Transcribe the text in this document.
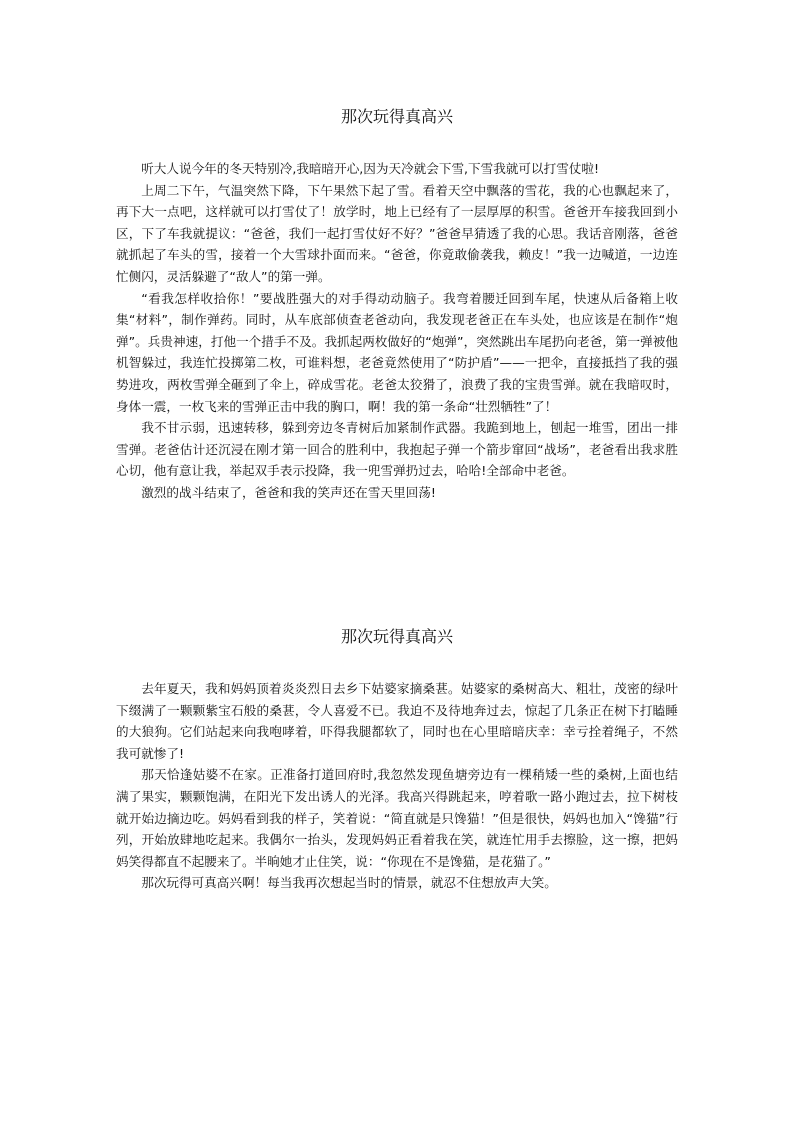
那次玩得真高兴

听大人说今年的冬天特别冷,我暗暗开心,因为天冷就会下雪,下雪我就可以打雪仗啦!

上周二下午，气温突然下降，下午果然下起了雪。看着天空中飘落的雪花，我的心也飘起来了，再下大一点吧，这样就可以打雪仗了！放学时，地上已经有了一层厚厚的积雪。爸爸开车接我回到小区，下了车我就提议：“爸爸，我们一起打雪仗好不好？”爸爸早猜透了我的心思。我话音刚落，爸爸就抓起了车头的雪，接着一个大雪球扑面而来。“爸爸，你竟敢偷袭我，赖皮！”我一边喊道，一边连忙侧闪，灵活躲避了“敌人”的第一弹。

“看我怎样收拾你！”要战胜强大的对手得动动脑子。我弯着腰迁回到车尾，快速从后备箱上收集“材料”，制作弹药。同时，从车底部侦查老爸动向，我发现老爸正在车头处，也应该是在制作“炮弹”。兵贵神速，打他一个措手不及。我抓起两枚做好的“炮弹”，突然跳出车尾扔向老爸，第一弹被他机智躲过，我连忙投掷第二枚，可谁料想，老爸竟然使用了“防护盾”——一把伞，直接抵挡了我的强势进攻，两枚雪弹全砸到了伞上，碎成雪花。老爸太狡猾了，浪费了我的宝贵雪弹。就在我暗叹时，身体一震，一枚飞来的雪弹正击中我的胸口，啊！我的第一条命“壮烈牺牲”了！

我不甘示弱，迅速转移，躲到旁边冬青树后加紧制作武器。我跪到地上，刨起一堆雪，团出一排雪弹。老爸估计还沉浸在刚才第一回合的胜利中，我抱起子弹一个箭步窜回“战场”，老爸看出我求胜心切，他有意让我，举起双手表示投降，我一兜雪弹扔过去，哈哈!全部命中老爸。

激烈的战斗结束了，爸爸和我的笑声还在雪天里回荡!

那次玩得真高兴

去年夏天，我和妈妈顶着炎炎烈日去乡下姑婆家摘桑葚。姑婆家的桑树高大、粗壮，茂密的绿叶下缀满了一颗颗紫宝石般的桑葚，令人喜爱不已。我迫不及待地奔过去，惊起了几条正在树下打瞌睡的大狼狗。它们站起来向我咆哮着，吓得我腿都软了，同时也在心里暗暗庆幸：幸亏拴着绳子，不然我可就惨了!

那天恰逢姑婆不在家。正准备打道回府时,我忽然发现鱼塘旁边有一棵稍矮一些的桑树,上面也结满了果实，颗颗饱满，在阳光下发出诱人的光泽。我高兴得跳起来，哼着歌一路小跑过去，拉下树枝就开始边摘边吃。妈妈看到我的样子，笑着说：“简直就是只馋猫！”但是很快，妈妈也加入“馋猫”行列，开始放肆地吃起来。我偶尔一抬头，发现妈妈正看着我在笑，就连忙用手去擦脸，这一擦，把妈妈笑得都直不起腰来了。半晌她才止住笑，说：“你现在不是馋猫，是花猫了。”

那次玩得可真高兴啊！每当我再次想起当时的情景，就忍不住想放声大笑。
